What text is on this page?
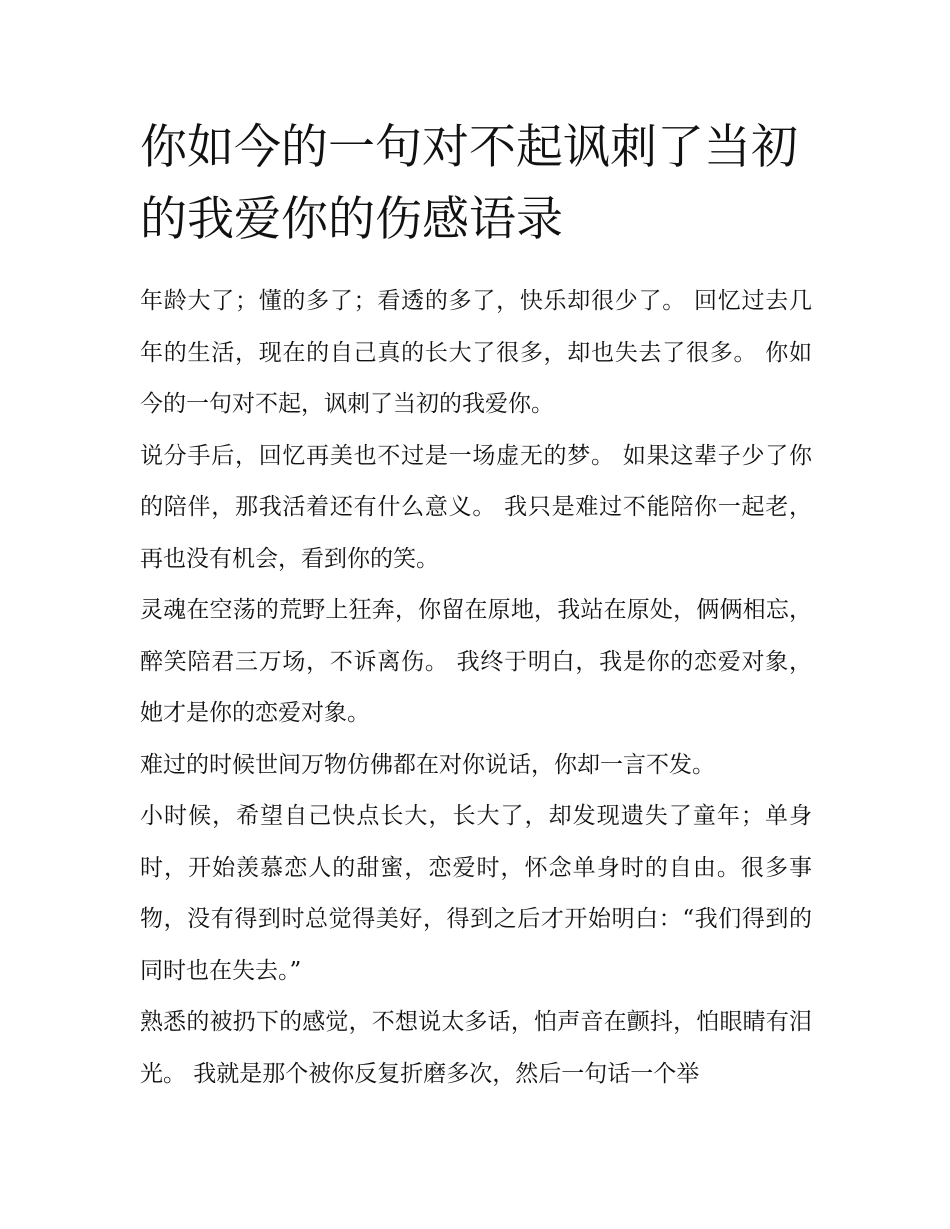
你如今的一句对不起讽刺了当初的我爱你的伤感语录

年龄大了；懂的多了；看透的多了，快乐却很少了。 回忆过去几年的生活，现在的自己真的长大了很多，却也失去了很多。 你如今的一句对不起，讽刺了当初的我爱你。

说分手后，回忆再美也不过是一场虚无的梦。 如果这辈子少了你的陪伴，那我活着还有什么意义。 我只是难过不能陪你一起老，再也没有机会，看到你的笑。

灵魂在空荡的荒野上狂奔，你留在原地，我站在原处，俩俩相忘，醉笑陪君三万场，不诉离伤。 我终于明白，我是你的恋爱对象，她才是你的恋爱对象。

难过的时候世间万物仿佛都在对你说话，你却一言不发。

小时候，希望自己快点长大，长大了，却发现遗失了童年；单身时，开始羡慕恋人的甜蜜，恋爱时，怀念单身时的自由。很多事物，没有得到时总觉得美好，得到之后才开始明白：“我们得到的同时也在失去。”

熟悉的被扔下的感觉，不想说太多话，怕声音在颤抖，怕眼睛有泪光。 我就是那个被你反复折磨多次，然后一句话一个举
